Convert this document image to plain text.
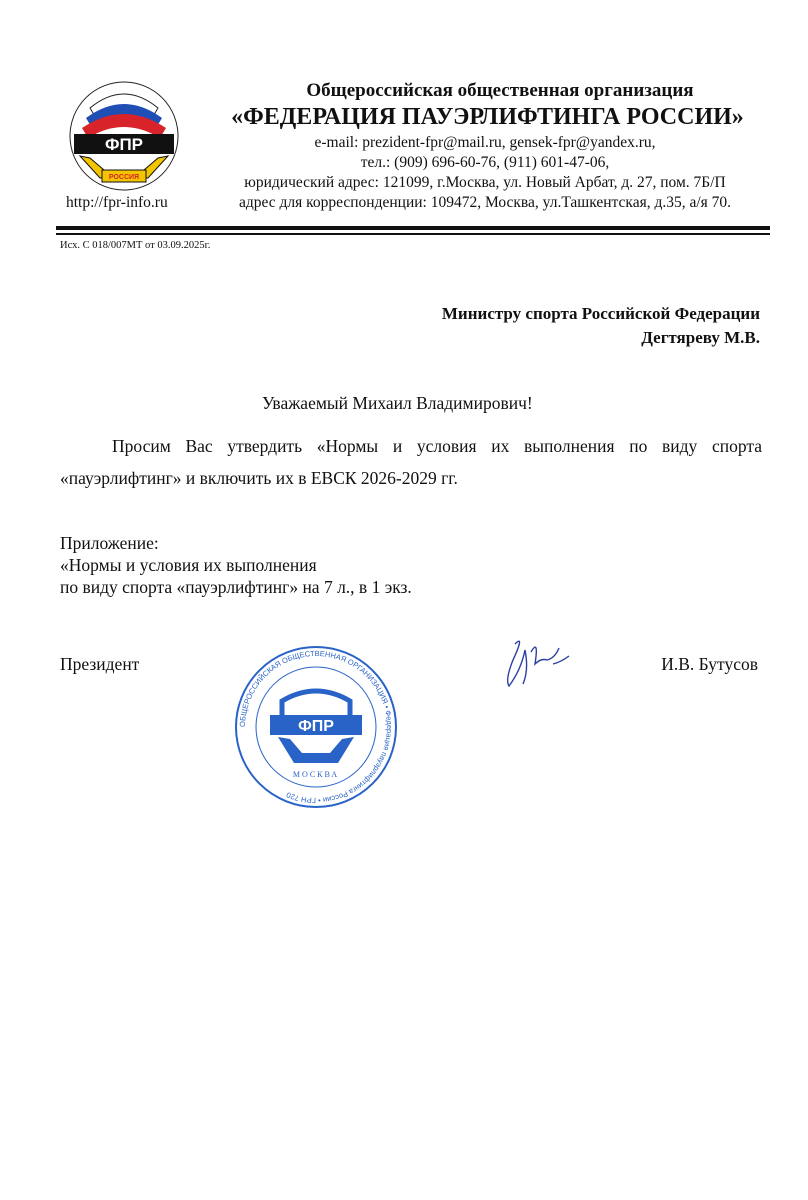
ФПР
РОССИЯ
Общероссийская общественная организация
«ФЕДЕРАЦИЯ ПАУЭРЛИФТИНГА РОССИИ»
e-mail: prezident-fpr@mail.ru, gensek-fpr@yandex.ru,
тел.: (909) 696-60-76, (911) 601-47-06,
юридический адрес: 121099, г.Москва, ул. Новый Арбат, д. 27, пом. 7Б/П
адрес для корреспонденции: 109472, Москва, ул.Ташкентская, д.35, а/я 70.
http://fpr-info.ru
Исх. С 018/007МТ от 03.09.2025г.
Министру спорта Российской Федерации
Дегтяреву М.В.
Уважаемый Михаил Владимирович!
Просим Вас утвердить «Нормы и условия их выполнения по виду спорта
«пауэрлифтинг» и включить их в ЕВСК 2026-2029 гг.
Приложение:
«Нормы и условия их выполнения
по виду спорта «пауэрлифтинг» на 7 л., в 1 экз.
Президент	И.В. Бутусов
ОБЩЕРОССИЙСКАЯ ОБЩЕСТВЕННАЯ ОРГАНИЗАЦИЯ • Федерация пауэрлифтинга России • ГРН 720
ФПР
МОСКВА
